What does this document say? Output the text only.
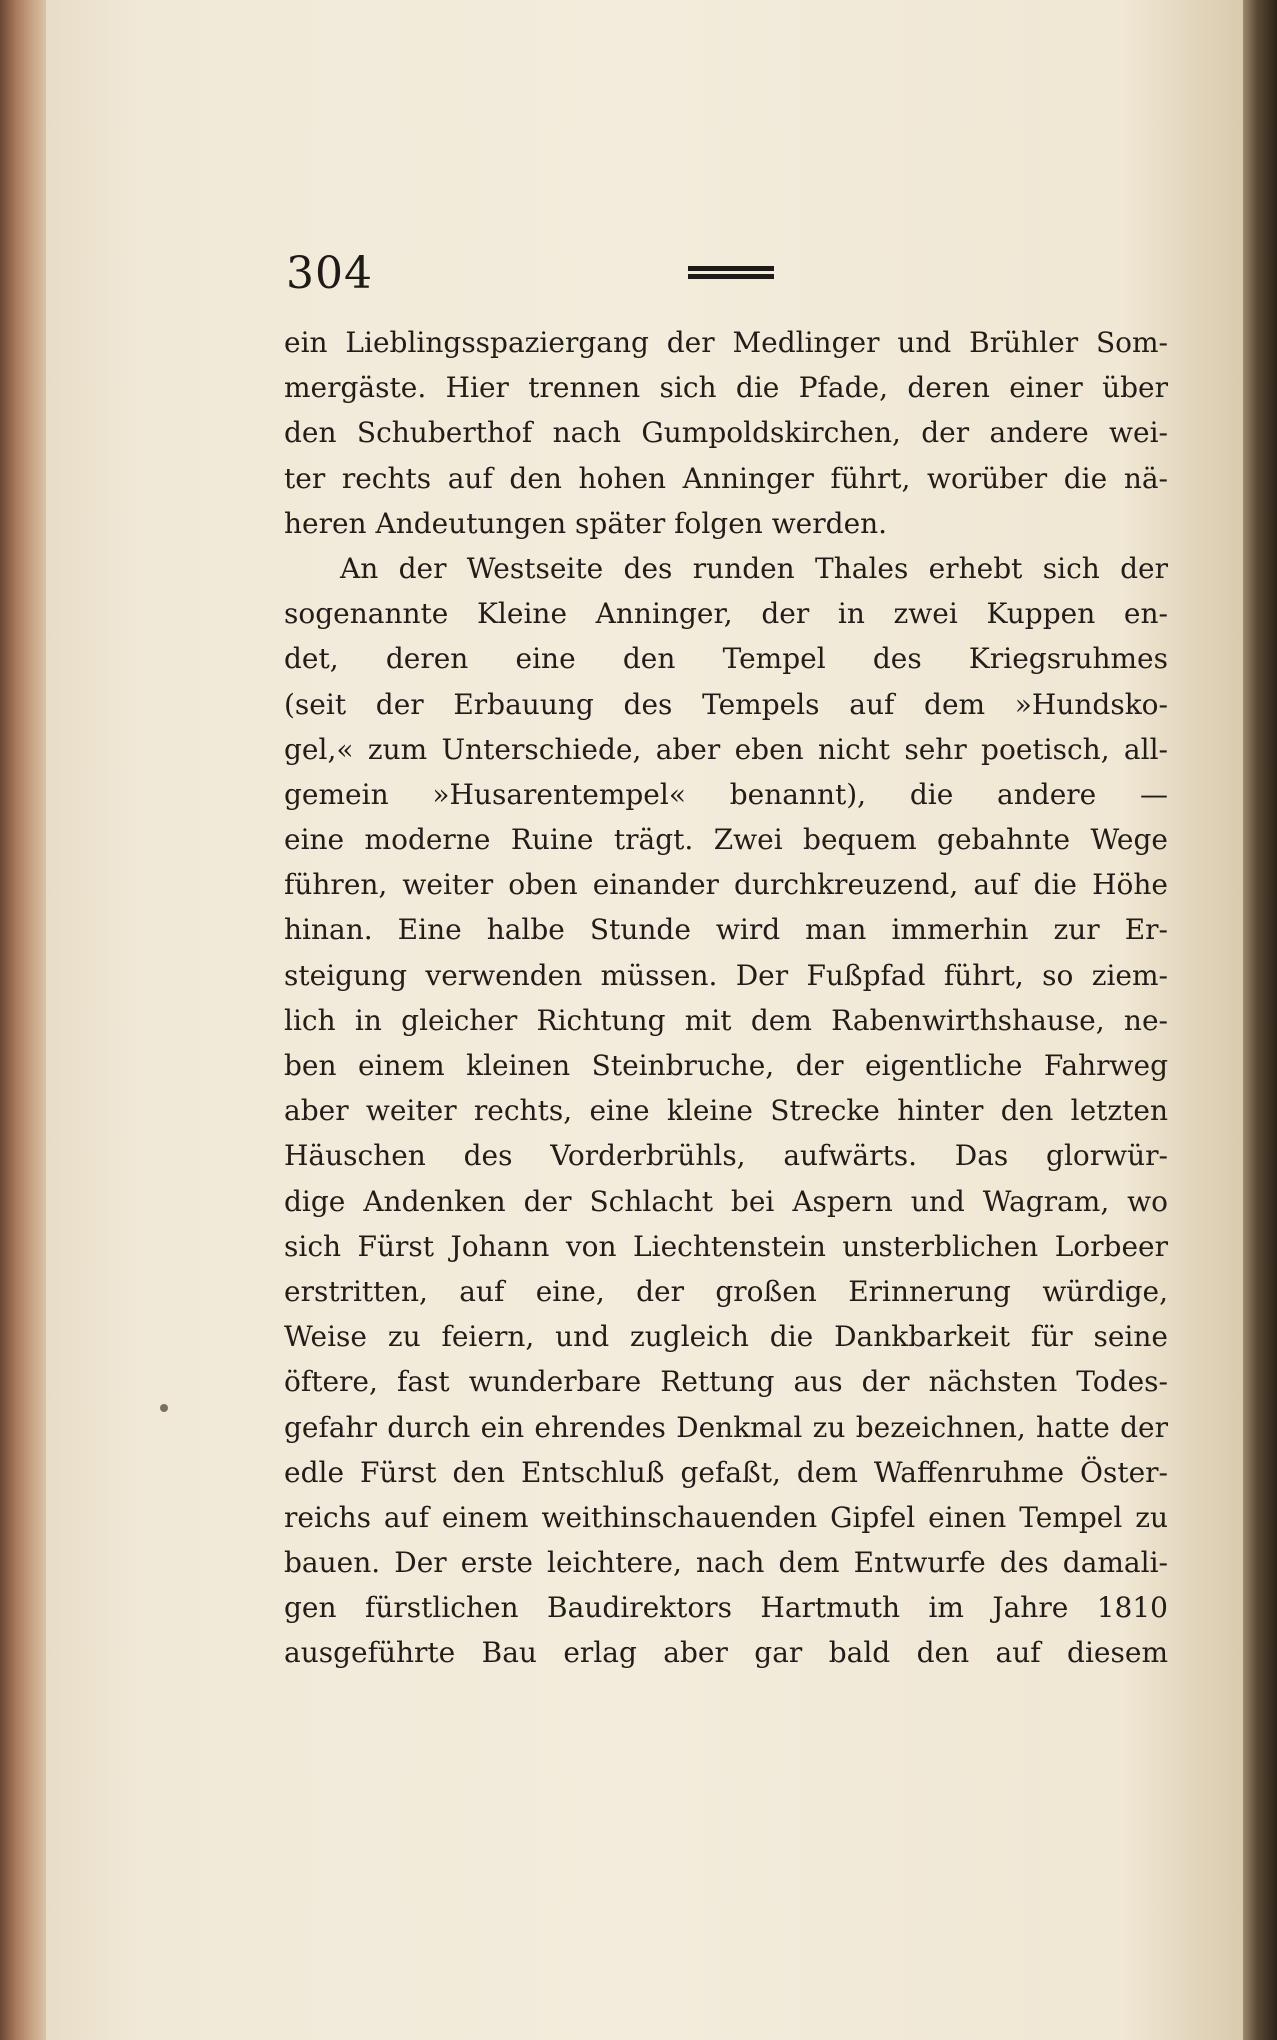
304
ein Lieblingsspaziergang der Medlinger und Brühler Som-
mergäste. Hier trennen sich die Pfade, deren einer über
den Schuberthof nach Gumpoldskirchen, der andere wei-
ter rechts auf den hohen Anninger führt, worüber die nä-
heren Andeutungen später folgen werden.
An der Westseite des runden Thales erhebt sich der
sogenannte Kleine Anninger, der in zwei Kuppen en-
det, deren eine den Tempel des Kriegsruhmes
(seit der Erbauung des Tempels auf dem »Hundsko-
gel,« zum Unterschiede, aber eben nicht sehr poetisch, all-
gemein »Husarentempel« benannt), die andere —
eine moderne Ruine trägt. Zwei bequem gebahnte Wege
führen, weiter oben einander durchkreuzend, auf die Höhe
hinan. Eine halbe Stunde wird man immerhin zur Er-
steigung verwenden müssen. Der Fußpfad führt, so ziem-
lich in gleicher Richtung mit dem Rabenwirthshause, ne-
ben einem kleinen Steinbruche, der eigentliche Fahrweg
aber weiter rechts, eine kleine Strecke hinter den letzten
Häuschen des Vorderbrühls, aufwärts. Das glorwür-
dige Andenken der Schlacht bei Aspern und Wagram, wo
sich Fürst Johann von Liechtenstein unsterblichen Lorbeer
erstritten, auf eine, der großen Erinnerung würdige,
Weise zu feiern, und zugleich die Dankbarkeit für seine
öftere, fast wunderbare Rettung aus der nächsten Todes-
gefahr durch ein ehrendes Denkmal zu bezeichnen, hatte der
edle Fürst den Entschluß gefaßt, dem Waffenruhme Öster-
reichs auf einem weithinschauenden Gipfel einen Tempel zu
bauen. Der erste leichtere, nach dem Entwurfe des damali-
gen fürstlichen Baudirektors Hartmuth im Jahre 1810
ausgeführte Bau erlag aber gar bald den auf diesem
